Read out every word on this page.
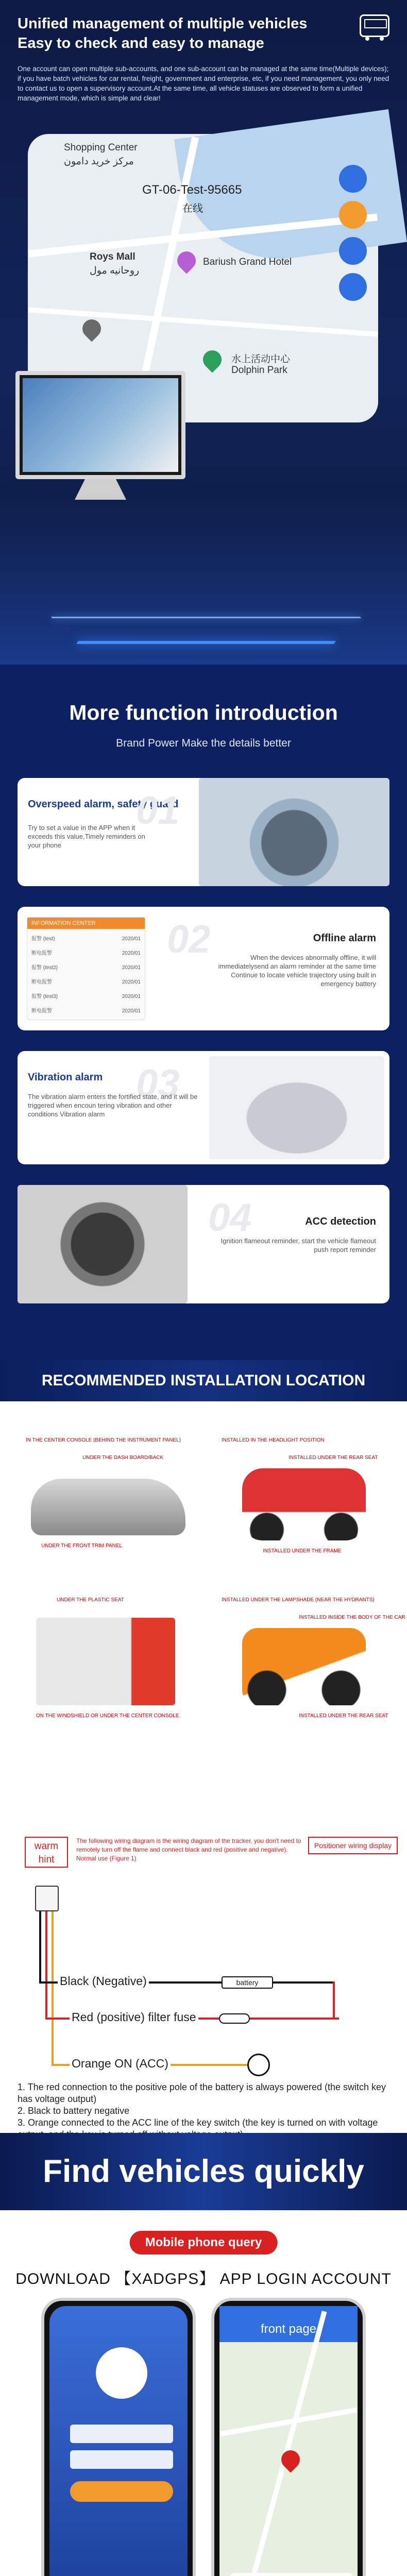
Unified management of multiple vehicles
Easy to check and easy to manage
One account can open multiple sub-accounts, and one sub-account can be managed at the same time(Multiple devices); if you have batch vehicles for car rental, freight, government and enterprise, etc, if you need management, you only need to contact us to open a supervisory account.At the same time, all vehicle statuses are observed to form a unified management mode, which is simple and clear!
Shopping Center
مركز خريد دامون
GT-06-Test-95665
在线
Roys Mall
روحانيه مول
Bariush Grand Hotel
水上活动中心
Dolphin Park
More function introduction
Brand Power Make the details better
Overspeed alarm, safety guard
01
Try to set a value in the APP when it exceeds this value,Timely reminders on your phone
INFORMATION CENTER
报警 (test)	2020/01
断电报警	2020/01
报警 (test2)	2020/01
断电报警	2020/01
报警 (test3)	2020/01
断电报警	2020/01
02	Offline alarm
When the devices abnormally offline, it will immediatelysend an alarm reminder at the same time Continue to locate vehicle trajectory using built in emergency battery
Vibration alarm 03
The vibration alarm enters the fortified state, and it will be triggered when encoun tering vibration and other conditions Vibration alarm
04	ACC detection
Ignition flameout reminder, start the vehicle flameout push report reminder
RECOMMENDED INSTALLATION LOCATION
IN THE CENTER CONSOLE (BEHIND THE INSTRUMENT PANEL)
UNDER THE DASH BOARD/BACK
UNDER THE FRONT TRIM PANEL
INSTALLED IN THE HEADLIGHT POSITION
INSTALLED UNDER THE REAR SEAT
INSTALLED UNDER THE FRAME
UNDER THE PLASTIC SEAT
ON THE WINDSHIELD OR UNDER THE CENTER CONSOLE
INSTALLED UNDER THE LAMPSHADE (NEAR THE HYDRANTS)
INSTALLED INSIDE THE BODY OF THE CAR
INSTALLED UNDER THE REAR SEAT
warm hint
The following wiring diagram is the wiring diagram of the tracker, you don't need to remotely turn off the flame and connect black and red (positive and negative). Normal use (Figure 1)
Positioner wiring display
Black (Negative)	battery
Red (positive) filter fuse
Orange ON (ACC)
1. The red connection to the positive pole of the battery is always powered (the switch key has voltage output)
2. Black to battery negative
3. Orange connected to the ACC line of the key switch (the key is turned on with voltage
Find vehicles quickly
Mobile phone query
DOWNLOAD 【XADGPS】 APP LOGIN ACCOUNT
front page
